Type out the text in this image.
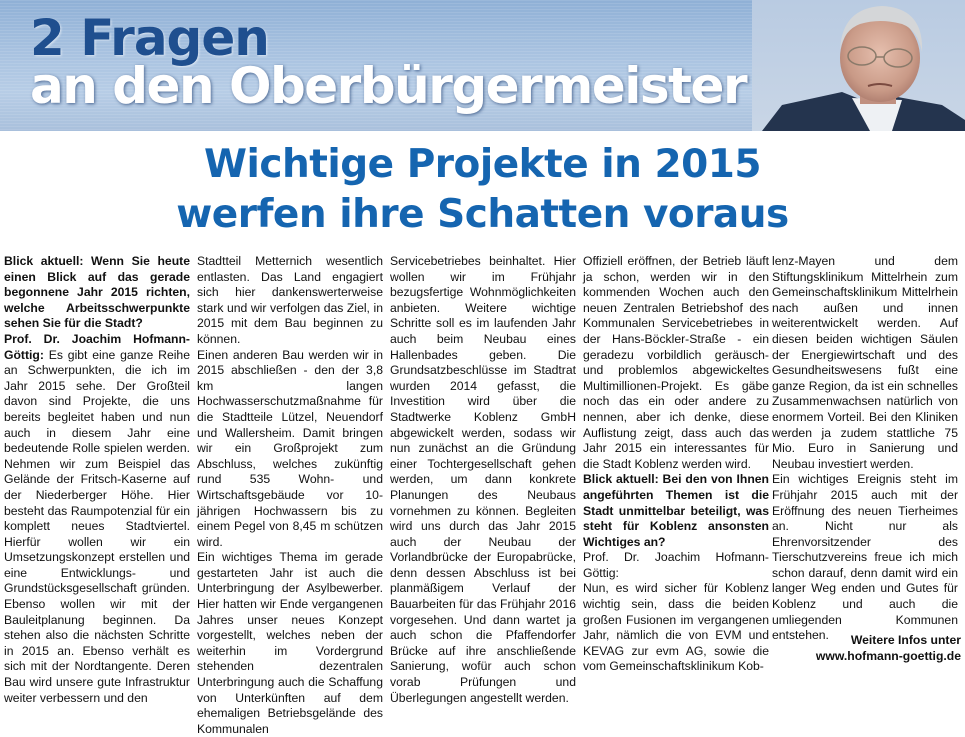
2 Fragen
an den Oberbürgermeister
Wichtige Projekte in 2015
werfen ihre Schatten voraus

Blick aktuell: Wenn Sie heute einen Blick auf das gerade begonnene Jahr 2015 richten, welche Arbeitsschwerpunkte sehen Sie für die Stadt?

Prof. Dr. Joachim Hofmann-Göttig: Es gibt eine ganze Reihe an Schwerpunkten, die ich im Jahr 2015 sehe. Der Großteil davon sind Projekte, die uns bereits begleitet haben und nun auch in diesem Jahr eine bedeutende Rolle spielen werden. Nehmen wir zum Beispiel das Gelände der Fritsch-Kaserne auf der Niederberger Höhe. Hier besteht das Raumpotenzial für ein komplett neues Stadtviertel. Hierfür wollen wir ein Umsetzungskonzept erstellen und eine Entwicklungs- und Grundstücksgesellschaft gründen. Ebenso wollen wir mit der Bauleitplanung beginnen. Da stehen also die nächsten Schritte in 2015 an. Ebenso verhält es sich mit der Nordtangente. Deren Bau wird unsere gute Infrastruktur weiter verbessern und den

Stadtteil Metternich wesentlich entlasten. Das Land engagiert sich hier dankenswerterweise stark und wir verfolgen das Ziel, in 2015 mit dem Bau beginnen zu können.

Einen anderen Bau werden wir in 2015 abschließen - den der 3,8 km langen Hochwasserschutzmaßnahme für die Stadtteile Lützel, Neuendorf und Wallersheim. Damit bringen wir ein Großprojekt zum Abschluss, welches zukünftig rund 535 Wohn- und Wirtschaftsgebäude vor 10-jährigen Hochwassern bis zu einem Pegel von 8,45 m schützen wird.

Ein wichtiges Thema im gerade gestarteten Jahr ist auch die Unterbringung der Asylbewerber. Hier hatten wir Ende vergangenen Jahres unser neues Konzept vorgestellt, welches neben der weiterhin im Vordergrund stehenden dezentralen Unterbringung auch die Schaffung von Unterkünften auf dem ehemaligen Betriebsgelände des Kommunalen

Servicebetriebes beinhaltet. Hier wollen wir im Frühjahr bezugsfertige Wohnmöglichkeiten anbieten. Weitere wichtige Schritte soll es im laufenden Jahr auch beim Neubau eines Hallenbades geben. Die Grundsatzbeschlüsse im Stadtrat wurden 2014 gefasst, die Investition wird über die Stadtwerke Koblenz GmbH abgewickelt werden, sodass wir nun zunächst an die Gründung einer Tochtergesellschaft gehen werden, um dann konkrete Planungen des Neubaus vornehmen zu können. Begleiten wird uns durch das Jahr 2015 auch der Neubau der Vorlandbrücke der Europabrücke, denn dessen Abschluss ist bei planmäßigem Verlauf der Bauarbeiten für das Frühjahr 2016 vorgesehen. Und dann wartet ja auch schon die Pfaffendorfer Brücke auf ihre anschließende Sanierung, wofür auch schon vorab Prüfungen und Überlegungen angestellt werden.

Offiziell eröffnen, der Betrieb läuft ja schon, werden wir in den kommenden Wochen auch den neuen Zentralen Betriebshof des Kommunalen Servicebetriebes in der Hans-Böckler-Straße - ein geradezu vorbildlich geräusch- und problemlos abgewickeltes Multimillionen-Projekt. Es gäbe noch das ein oder andere zu nennen, aber ich denke, diese Auflistung zeigt, dass auch das Jahr 2015 ein interessantes für die Stadt Koblenz werden wird.

Blick aktuell: Bei den von Ihnen angeführten Themen ist die Stadt unmittelbar beteiligt, was steht für Koblenz ansonsten Wichtiges an?

Prof. Dr. Joachim Hofmann-Göttig:

Nun, es wird sicher für Koblenz wichtig sein, dass die beiden großen Fusionen im vergangenen Jahr, nämlich die von EVM und KEVAG zur evm AG, sowie die vom Gemeinschaftsklinikum Kob-

lenz-Mayen und dem Stiftungsklinikum Mittelrhein zum Gemeinschaftsklinikum Mittelrhein nach außen und innen weiterentwickelt werden. Auf diesen beiden wichtigen Säulen der Energiewirtschaft und des Gesundheitswesens fußt eine ganze Region, da ist ein schnelles Zusammenwachsen natürlich von enormem Vorteil. Bei den Kliniken werden ja zudem stattliche 75 Mio. Euro in Sanierung und Neubau investiert werden.

Ein wichtiges Ereignis steht im Frühjahr 2015 auch mit der Eröffnung des neuen Tierheimes an. Nicht nur als Ehrenvorsitzender des Tierschutzvereins freue ich mich schon darauf, denn damit wird ein langer Weg enden und Gutes für Koblenz und auch die umliegenden Kommunen entstehen.	Weitere Infos unter
www.hofmann-goettig.de
